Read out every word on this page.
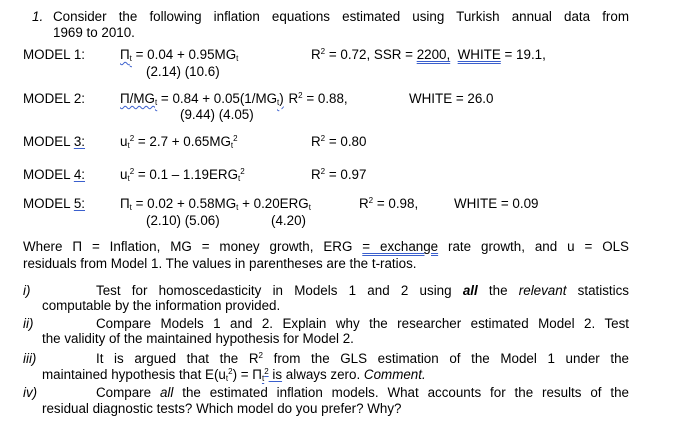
1. Consider the following inflation equations estimated using Turkish annual data from
1969 to 2010.
MODEL 1:	$\Pi_t = 0.04 + 0.95MG_t$	$R^2 = 0.72$, SSR = 2200, WHITE = 19.1,
(2.14) (10.6)
MODEL 2:	$\Pi/MG_t = 0.84 + 0.05(1/MG_t) R^2 = 0.88$,	WHITE = 26.0
(9.44) (4.05)
MODEL 3:	$u_t^2 = 2.7 + 0.65MG_t^2$	$R^2 = 0.80$
MODEL 4:	$u_t^2 = 0.1 - 1.19ERG_t^2$	$R^2 = 0.97$
MODEL 5:	$\Pi_t = 0.02 + 0.58MG_t + 0.20ERG_t$	$R^2 = 0.98$,	WHITE = 0.09
(2.10) (5.06)	(4.20)
Where Π = Inflation, MG = money growth, ERG = exchange rate growth, and u = OLS
residuals from Model 1. The values in parentheses are the t-ratios.
i)	Test for homoscedasticity in Models 1 and 2 using all the relevant statistics
computable by the information provided.
ii)	Compare Models 1 and 2. Explain why the researcher estimated Model 2. Test
the validity of the maintained hypothesis for Model 2.
iii)	It is argued that the $R^2$ from the GLS estimation of the Model 1 under the
maintained hypothesis that $E(u_t^2) = \Pi_t^2$ is always zero. Comment.
iv)	Compare all the estimated inflation models. What accounts for the results of the
residual diagnostic tests? Which model do you prefer? Why?
